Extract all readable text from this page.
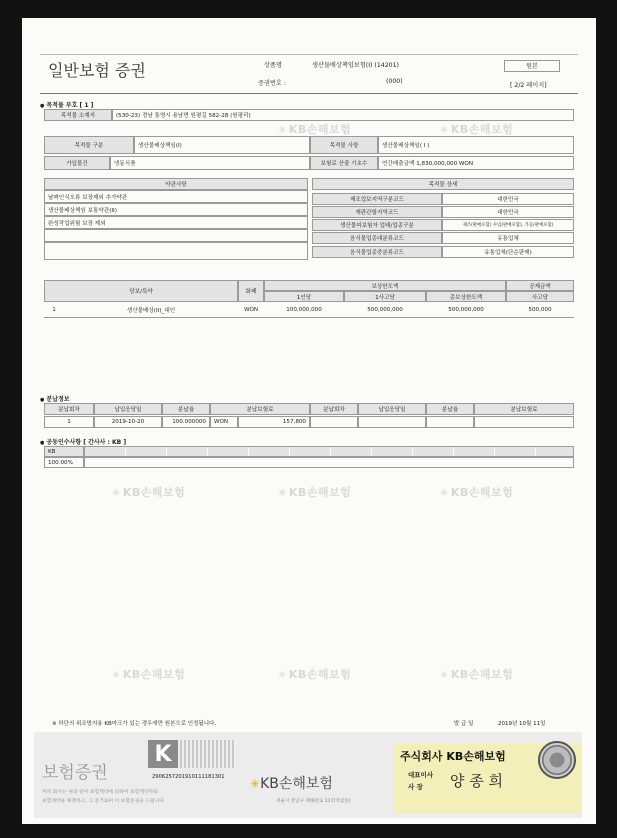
일반보험 증권	상품명	생산물배상책임보험(I) (14201)
증권번호 :	(000)
원본
[ 2/2 페이지]
● 목적물 부호 [ 1 ]
목적물 소재지	(530-23) 경남 통영시 용남면 원평길 582-28 (원평리)
목적물 구분	생산물배상책임(I)	목적물 사항	생산물배상책임( I )
가입물건	냉동식품	보험료 산출 기초수	연간매출금액 1,830,000,000 WON
약관사항
날짜인식오류 보장제외 추가약관
생산물배상책임 보통약관(II)
완성작업위험 보장 제외
목적물 상세
제조업보지역구분코드	대한민국
재판관할지역코드	대한민국
생산물피보험자 업태/업종구분	제조(판매포함) 수입(판매포함), 가공(판매포함)
음식물업종대분류코드	유통업체
음식물업종중분류코드	유통업체(단순판매)
담보/특약	화폐
보상한도액
1인당	1사고당	총보상한도액
공제금액
사고당
1	생산물배상(II)_대인	WON	100,000,000	500,000,000	500,000,000	500,000
● 분납정보
분납회차	납입응당일	분납율	분납보험료	분납회차	납입응당일	분납율	분납보험료
1	2019-10-20	100.000000	WON	157,800
● 공동인수사항 [ 간사사 : KB ]
KB
100.00%
✳ KB손해보험	✳ KB손해보험
✳ KB손해보험	✳ KB손해보험	✳ KB손해보험
✳ KB손해보험	✳ KB손해보험	✳ KB손해보험
※ 하단의 위조방지용 KB마크가 있는 경우에만 원본으로 인정됩니다.	발 급 일	2019년 10월 11일
보험증권
저희 회사는 위와 같이 보험계약에 의하여 보험계약자와
보험계약을 체결하고, 그 증거로써 이 보험증권을 드립니다.
K
2906257201910111181301 ✳KB손해보험
서울시 강남구 테헤란로 117(역삼동)
주식회사 KB손해보험
대표이사
사 장 양 종 희
